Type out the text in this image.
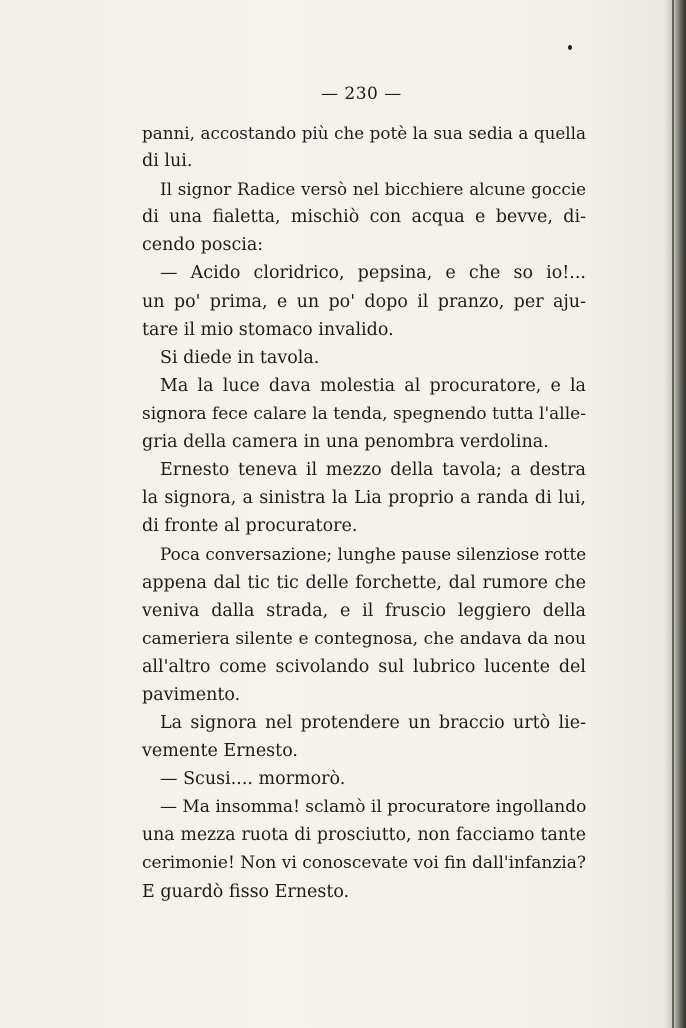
— 230 —
panni, accostando più che potè la sua sedia a quella
di lui.
Il signor Radice versò nel bicchiere alcune goccie
di una fialetta, mischiò con acqua e bevve, di-
cendo poscia:
— Acido cloridrico, pepsina, e che so io!...
un po' prima, e un po' dopo il pranzo, per aju-
tare il mio stomaco invalido.
Si diede in tavola.
Ma la luce dava molestia al procuratore, e la
signora fece calare la tenda, spegnendo tutta l'alle-
gria della camera in una penombra verdolina.
Ernesto teneva il mezzo della tavola; a destra
la signora, a sinistra la Lia proprio a randa di lui,
di fronte al procuratore.
Poca conversazione; lunghe pause silenziose rotte
appena dal tic tic delle forchette, dal rumore che
veniva dalla strada, e il fruscio leggiero della
cameriera silente e contegnosa, che andava da nou
all'altro come scivolando sul lubrico lucente del
pavimento.
La signora nel protendere un braccio urtò lie-
vemente Ernesto.
— Scusi.... mormorò.
— Ma insomma! sclamò il procuratore ingollando
una mezza ruota di prosciutto, non facciamo tante
cerimonie! Non vi conoscevate voi fin dall'infanzia?
E guardò fisso Ernesto.
